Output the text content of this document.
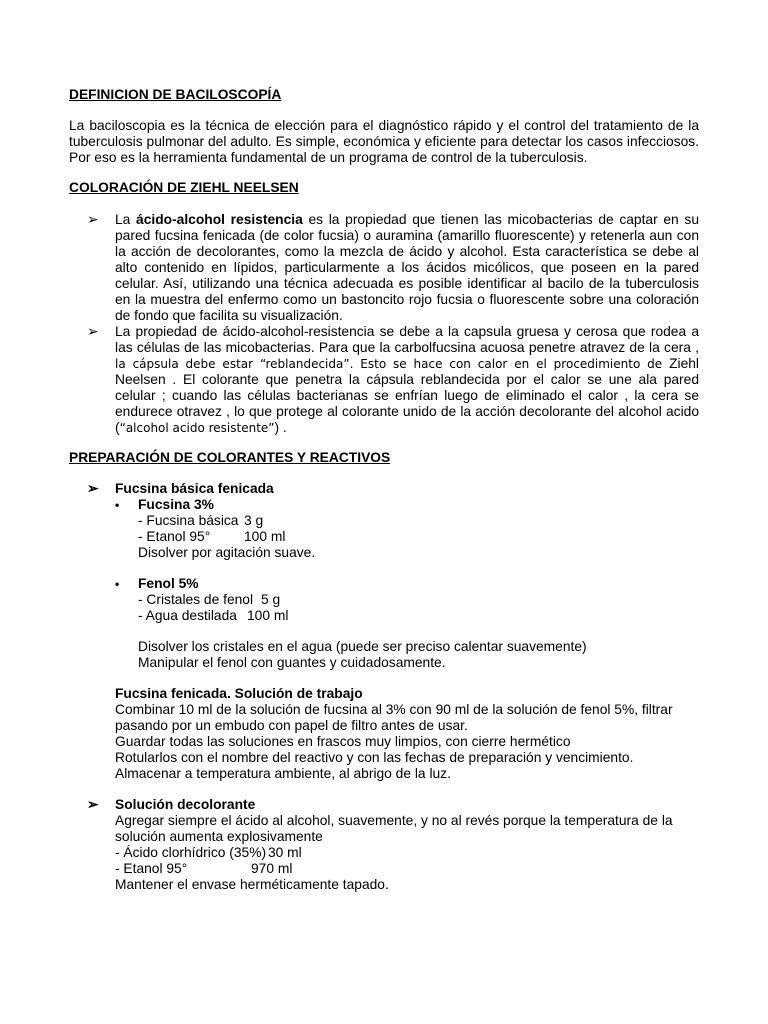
DEFINICION DE BACILOSCOPÍA

La baciloscopia es la técnica de elección para el diagnóstico rápido y el control del tratamiento de la tuberculosis pulmonar del adulto. Es simple, económica y eficiente para detectar los casos infecciosos. Por eso es la herramienta fundamental de un programa de control de la tuberculosis.

COLORACIÓN DE ZIEHL NEELSEN

➢	La ácido-alcohol resistencia es la propiedad que tienen las micobacterias de captar en su pared fucsina fenicada (de color fucsia) o auramina (amarillo fluorescente) y retenerla aun con la acción de decolorantes, como la mezcla de ácido y alcohol. Esta característica se debe al alto contenido en lípidos, particularmente a los ácidos micólicos, que poseen en la pared celular. Así, utilizando una técnica adecuada es posible identificar al bacilo de la tuberculosis en la muestra del enfermo como un bastoncito rojo fucsia o fluorescente sobre una coloración de fondo que facilita su visualización.
➢	La propiedad de ácido-alcohol-resistencia se debe a la capsula gruesa y cerosa que rodea a las células de las micobacterias. Para que la carbolfucsina acuosa penetre atravez de la cera , la cápsula debe estar “reblandecida”. Esto se hace con calor en el procedimiento de Ziehl Neelsen . El colorante que penetra la cápsula reblandecida por el calor se une ala pared celular ; cuando las células bacterianas se enfrían luego de eliminado el calor , la cera se endurece otravez , lo que protege al colorante unido de la acción decolorante del alcohol acido (“alcohol acido resistente”) .

PREPARACIÓN DE COLORANTES Y REACTIVOS

➢	Fucsina básica fenicada
• Fucsina 3%
- Fucsina básica 3 g
- Etanol 95° 100 ml
Disolver por agitación suave.
• Fenol 5%
- Cristales de fenol 5 g
- Agua destilada 100 ml
Disolver los cristales en el agua (puede ser preciso calentar suavemente)
Manipular el fenol con guantes y cuidadosamente.
Fucsina fenicada. Solución de trabajo
Combinar 10 ml de la solución de fucsina al 3% con 90 ml de la solución de fenol 5%, filtrar
pasando por un embudo con papel de filtro antes de usar.
Guardar todas las soluciones en frascos muy limpios, con cierre hermético
Rotularlos con el nombre del reactivo y con las fechas de preparación y vencimiento.
Almacenar a temperatura ambiente, al abrigo de la luz.
➢	Solución decolorante
Agregar siempre el ácido al alcohol, suavemente, y no al revés porque la temperatura de la
solución aumenta explosivamente
- Ácido clorhídrico (35%) 30 ml
- Etanol 95°	970 ml
Mantener el envase herméticamente tapado.
